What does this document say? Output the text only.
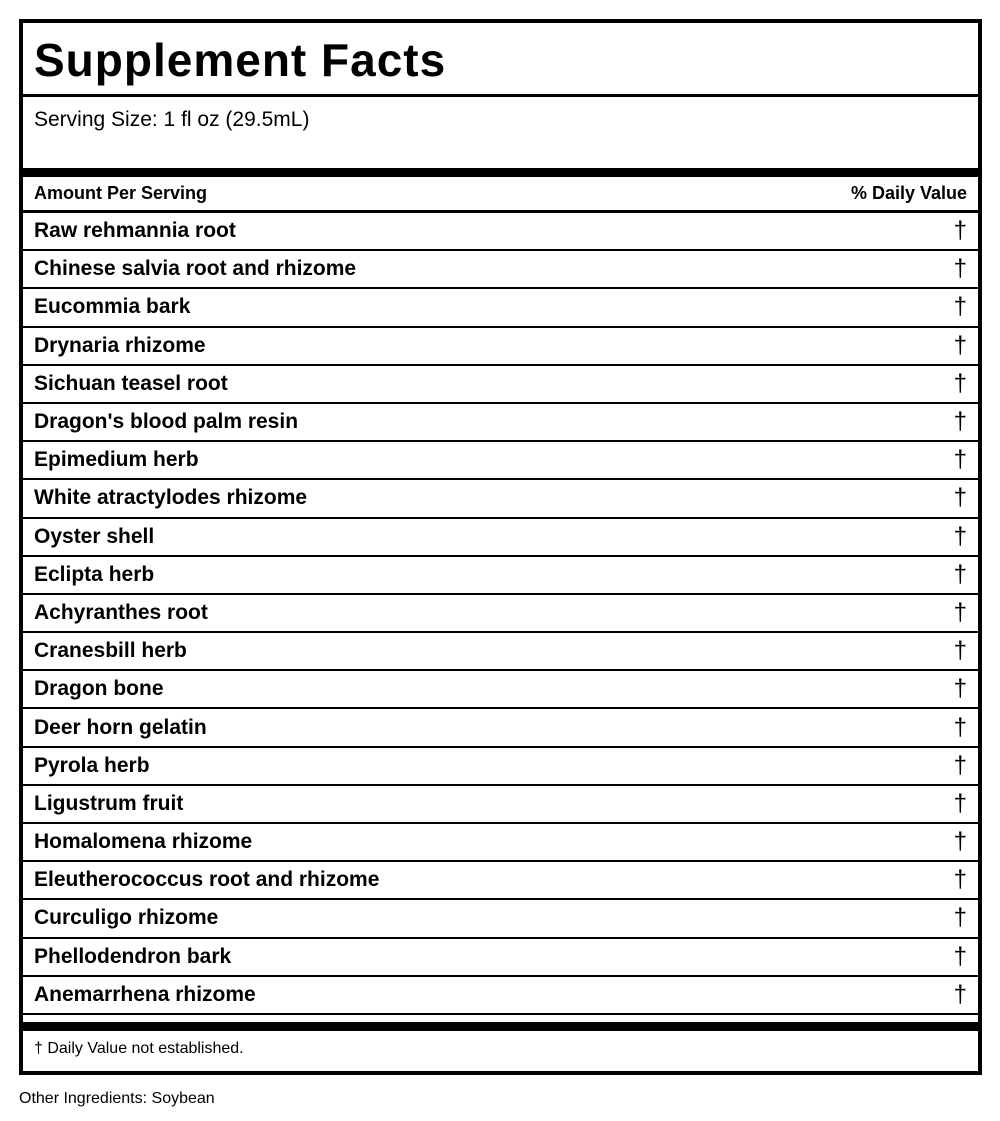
Supplement Facts
Serving Size: 1 fl oz (29.5mL)
Amount Per Serving	% Daily Value
Raw rehmannia root	†
Chinese salvia root and rhizome	†
Eucommia bark	†
Drynaria rhizome	†
Sichuan teasel root	†
Dragon's blood palm resin	†
Epimedium herb	†
White atractylodes rhizome	†
Oyster shell	†
Eclipta herb	†
Achyranthes root	†
Cranesbill herb	†
Dragon bone	†
Deer horn gelatin	†
Pyrola herb	†
Ligustrum fruit	†
Homalomena rhizome	†
Eleutherococcus root and rhizome	†
Curculigo rhizome	†
Phellodendron bark	†
Anemarrhena rhizome	†
† Daily Value not established.
Other Ingredients: Soybean
